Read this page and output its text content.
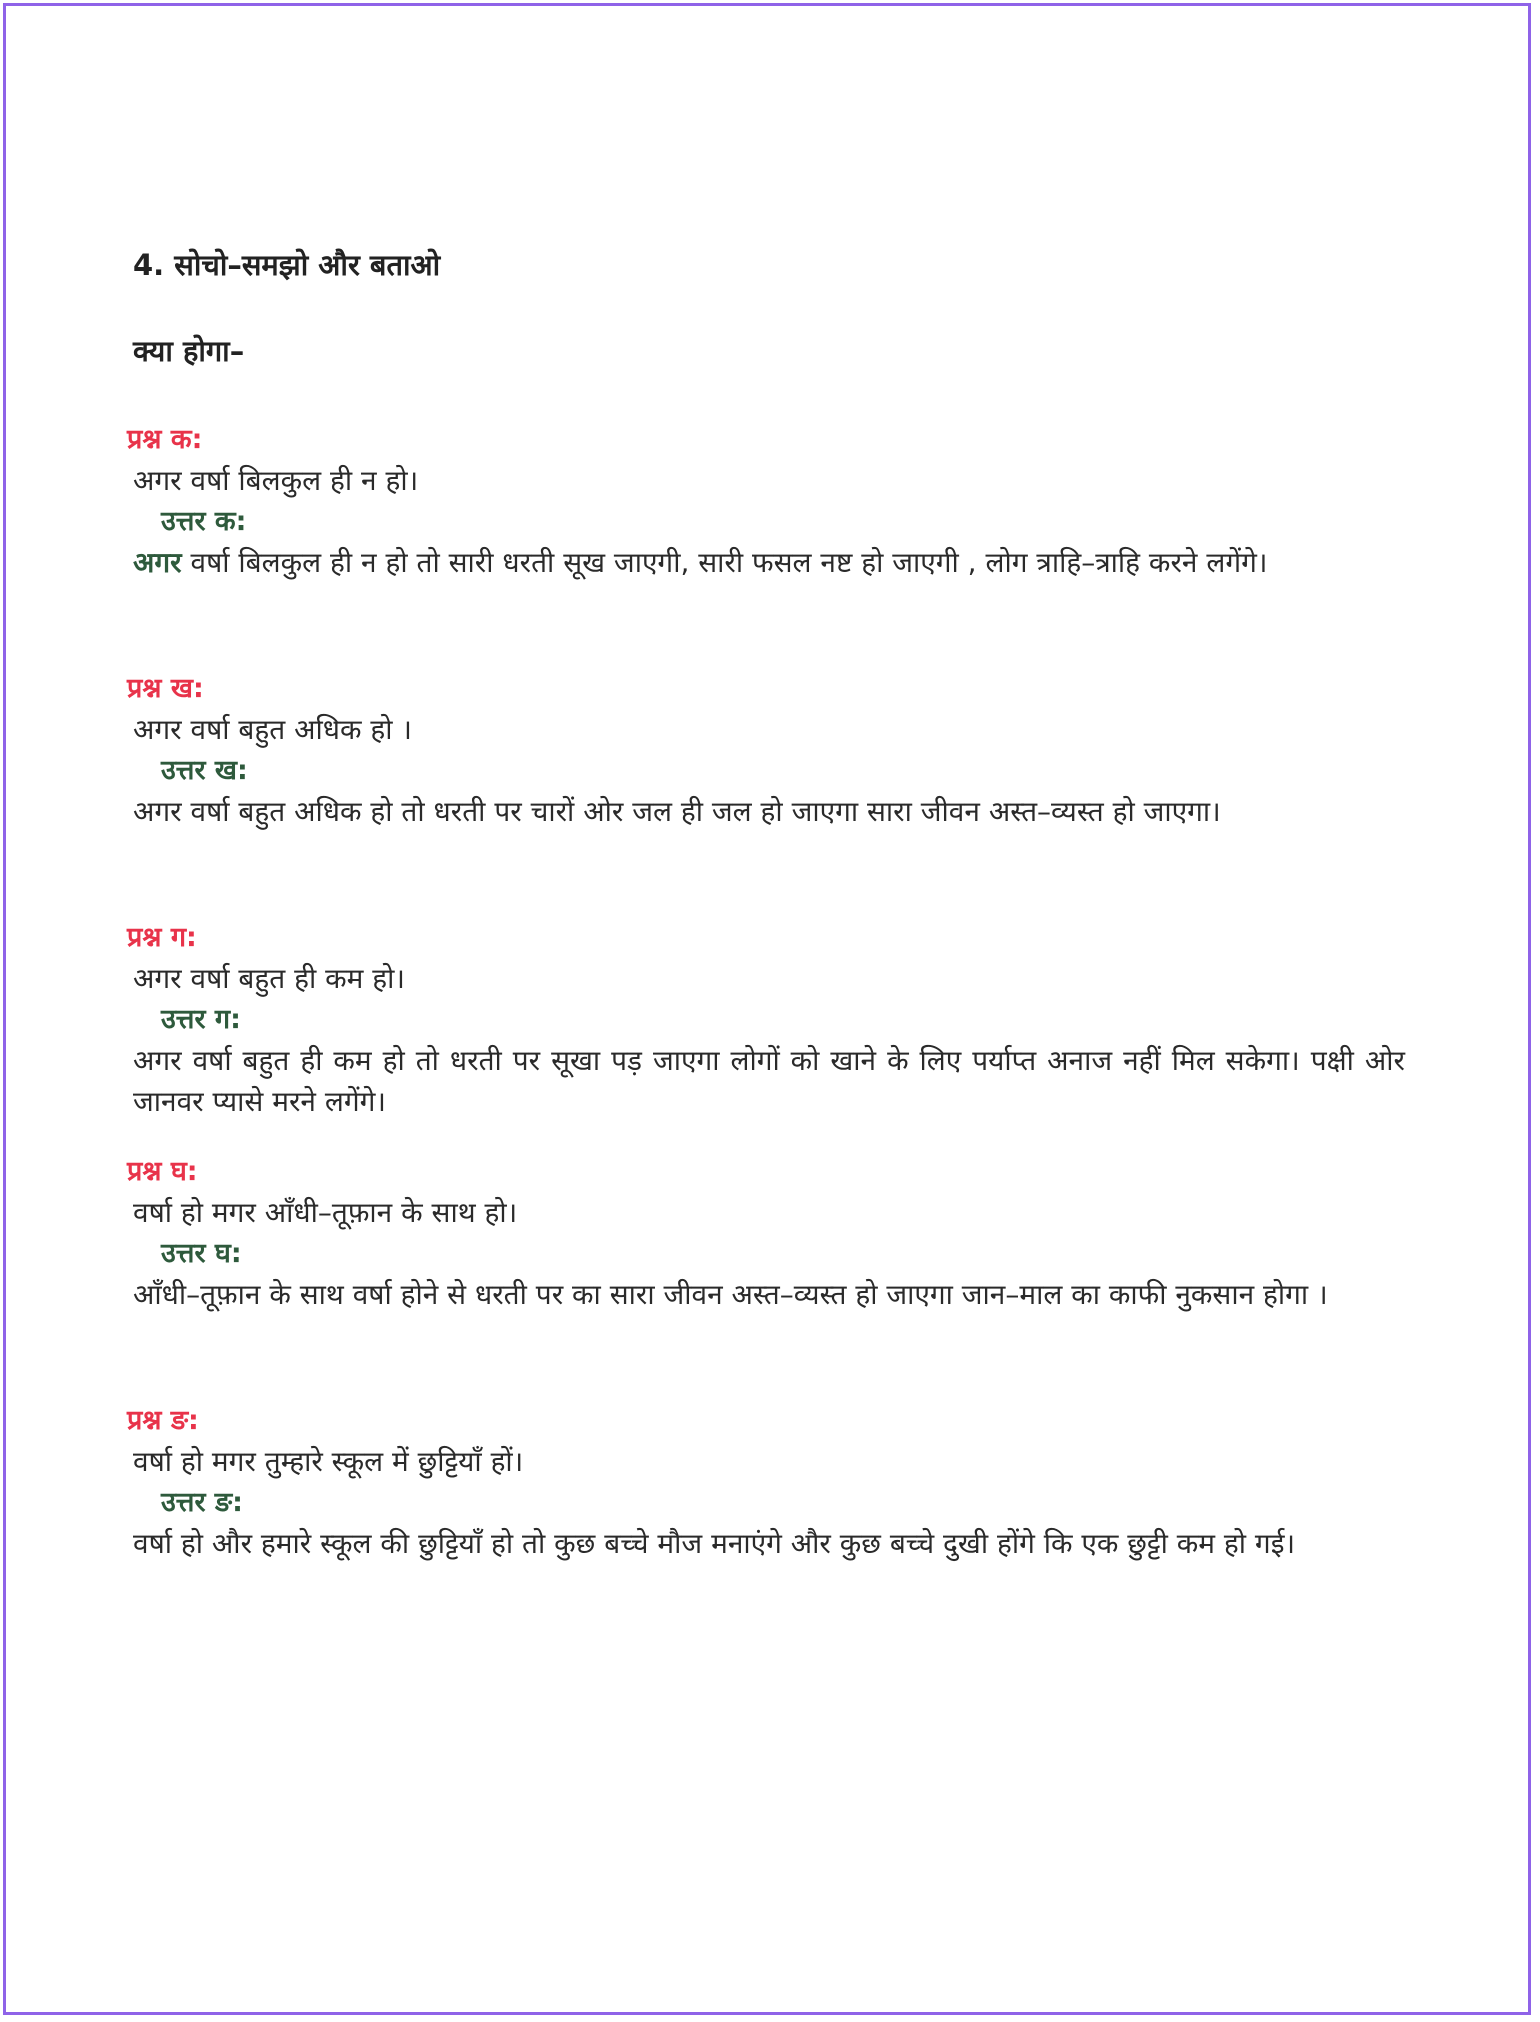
4. सोचो–समझो और बताओ
क्या होगा–
प्रश्न क:
अगर वर्षा बिलकुल ही न हो।
उत्तर क:
अगर वर्षा बिलकुल ही न हो तो सारी धरती सूख जाएगी, सारी फसल नष्ट हो जाएगी , लोग त्राहि–त्राहि करने लगेंगे।
प्रश्न ख:
अगर वर्षा बहुत अधिक हो ।
उत्तर ख:
अगर वर्षा बहुत अधिक हो तो धरती पर चारों ओर जल ही जल हो जाएगा सारा जीवन अस्त–व्यस्त हो जाएगा।
प्रश्न ग:
अगर वर्षा बहुत ही कम हो।
उत्तर ग:
अगर वर्षा बहुत ही कम हो तो धरती पर सूखा पड़ जाएगा लोगों को खाने के लिए पर्याप्त अनाज नहीं मिल सकेगा। पक्षी ओर जानवर प्यासे मरने लगेंगे।
प्रश्न घ:
वर्षा हो मगर आँधी–तूफ़ान के साथ हो।
उत्तर घ:
आँधी–तूफ़ान के साथ वर्षा होने से धरती पर का सारा जीवन अस्त–व्यस्त हो जाएगा जान–माल का काफी नुकसान होगा ।
प्रश्न ङ:
वर्षा हो मगर तुम्हारे स्कूल में छुट्टियॉं हों।
उत्तर ङ:
वर्षा हो और हमारे स्कूल की छुट्टियॉं हो तो कुछ बच्चे मौज मनाएंगे और कुछ बच्चे दुखी होंगे कि एक छुट्टी कम हो गई।
